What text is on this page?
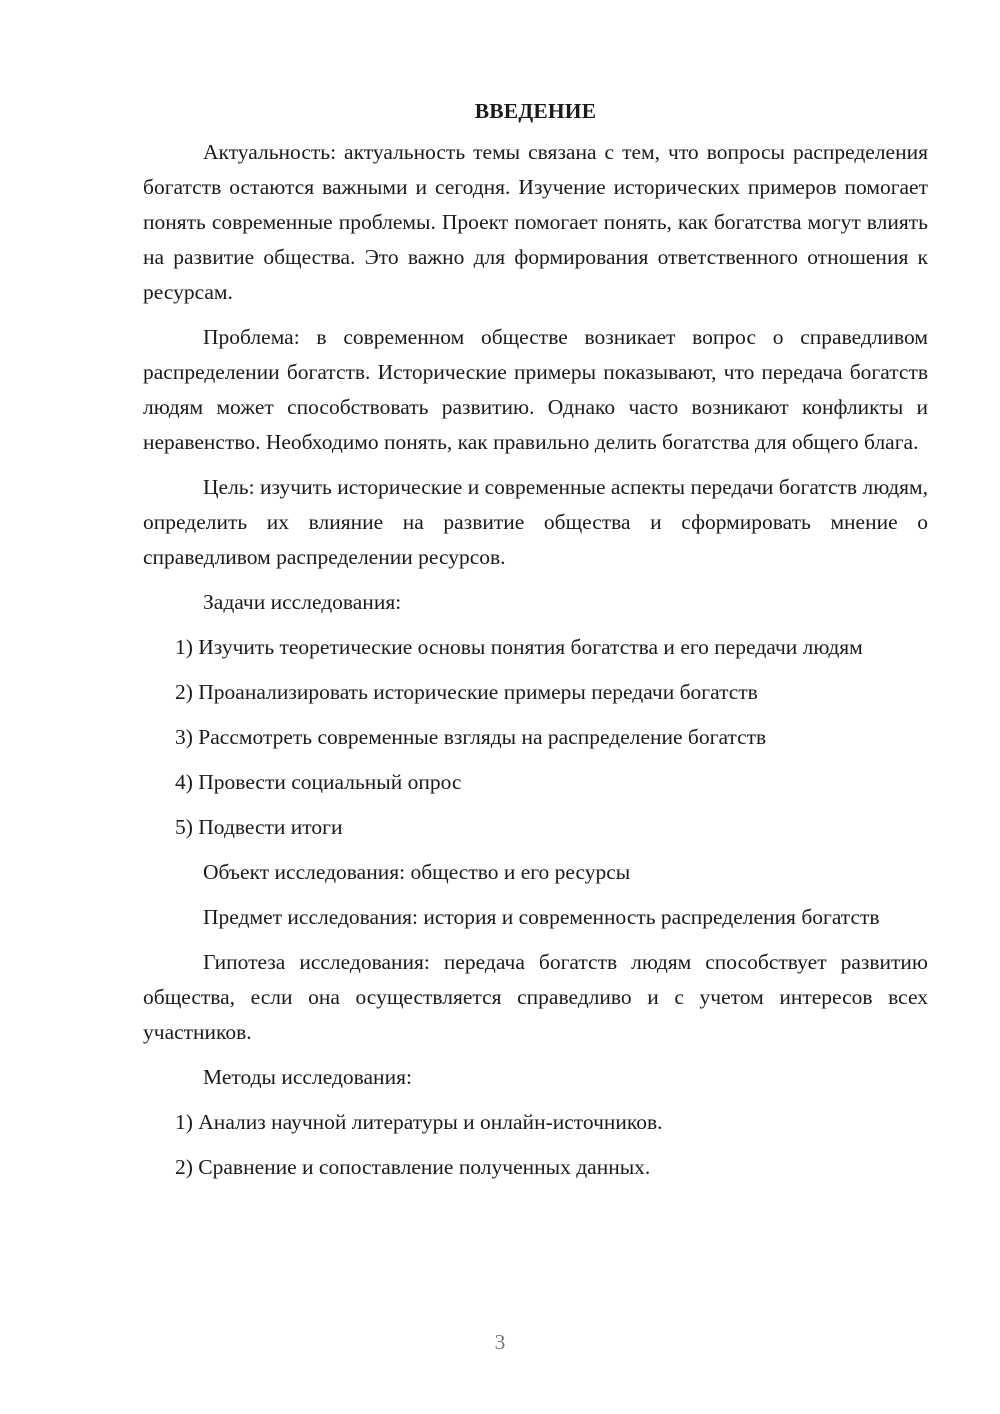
ВВЕДЕНИЕ

Актуальность: актуальность темы связана с тем, что вопросы распределения богатств остаются важными и сегодня. Изучение исторических примеров помогает понять современные проблемы. Проект помогает понять, как богатства могут влиять на развитие общества. Это важно для формирования ответственного отношения к ресурсам.

Проблема: в современном обществе возникает вопрос о справедливом распределении богатств. Исторические примеры показывают, что передача богатств людям может способствовать развитию. Однако часто возникают конфликты и неравенство. Необходимо понять, как правильно делить богатства для общего блага.

Цель: изучить исторические и современные аспекты передачи богатств людям, определить их влияние на развитие общества и сформировать мнение о справедливом распределении ресурсов.

Задачи исследования:

1) Изучить теоретические основы понятия богатства и его передачи людям

2) Проанализировать исторические примеры передачи богатств

3) Рассмотреть современные взгляды на распределение богатств

4) Провести социальный опрос

5) Подвести итоги

Объект исследования: общество и его ресурсы

Предмет исследования: история и современность распределения богатств

Гипотеза исследования: передача богатств людям способствует развитию общества, если она осуществляется справедливо и с учетом интересов всех участников.

Методы исследования:

1) Анализ научной литературы и онлайн-источников.

2) Сравнение и сопоставление полученных данных.

3
